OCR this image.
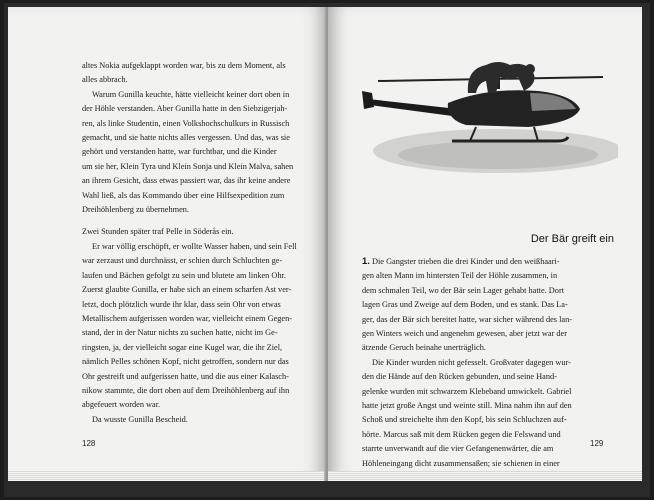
altes Nokia aufgeklappt worden war, bis zu dem Moment, als

alles abbrach.

Warum Gunilla keuchte, hätte vielleicht keiner dort oben in

der Höhle verstanden. Aber Gunilla hatte in den Siebzigerjah-

ren, als linke Studentin, einen Volkshochschulkurs in Russisch

gemacht, und sie hatte nichts alles vergessen. Und das, was sie

gehört und verstanden hatte, war furchtbar, und die Kinder

um sie her, Klein Tyra und Klein Sonja und Klein Malva, sahen

an ihrem Gesicht, dass etwas passiert war, das ihr keine andere

Wahl ließ, als das Kommando über eine Hilfsexpedition zum

Dreihöhlenberg zu übernehmen.

Zwei Stunden später traf Pelle in Söderås ein.

Er war völlig erschöpft, er wollte Wasser haben, und sein Fell

war zerzaust und durchnässt, er schien durch Schluchten ge-

laufen und Bächen gefolgt zu sein und blutete am linken Ohr.

Zuerst glaubte Gunilla, er habe sich an einem scharfen Ast ver-

letzt, doch plötzlich wurde ihr klar, dass sein Ohr von etwas

Metallischem aufgerissen worden war, vielleicht einem Gegen-

stand, der in der Natur nichts zu suchen hatte, nicht im Ge-

ringsten, ja, der vielleicht sogar eine Kugel war, die ihr Ziel,

nämlich Pelles schönen Kopf, nicht getroffen, sondern nur das

Ohr gestreift und aufgerissen hatte, und die aus einer Kalasch-

nikow stammte, die dort oben auf dem Dreihöhlenberg auf ihn

abgefeuert worden war.

Da wusste Gunilla Bescheid.

128
Der Bär greift ein

1. Die Gangster trieben die drei Kinder und den weißhaari-

gen alten Mann im hintersten Teil der Höhle zusammen, in

dem schmalen Teil, wo der Bär sein Lager gehabt hatte. Dort

lagen Gras und Zweige auf dem Boden, und es stank. Das La-

ger, das der Bär sich bereitet hatte, war sicher während des lan-

gen Winters weich und angenehm gewesen, aber jetzt war der

ätzende Geruch beinahe unerträglich.

Die Kinder wurden nicht gefesselt. Großvater dagegen wur-

den die Hände auf den Rücken gebunden, und seine Hand-

gelenke wurden mit schwarzem Klebeband umwickelt. Gabriel

hatte jetzt große Angst und weinte still. Mina nahm ihn auf den

Schoß und streichelte ihm den Kopf, bis sein Schluchzen auf-

hörte. Marcus saß mit dem Rücken gegen die Felswand und

starrte unverwandt auf die vier Gefangenenwärter, die am

Höhleneingang dicht zusammensaßen; sie schienen in einer

129
